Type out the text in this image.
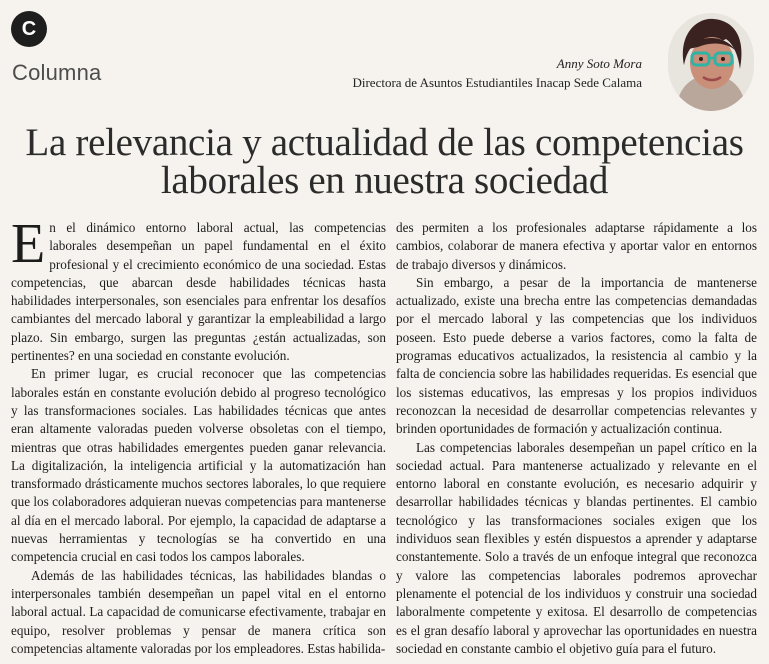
C
Columna	Anny Soto Mora
Directora de Asuntos Estudiantiles Inacap Sede Calama
La relevancia y actualidad de las competencias
laborales en nuestra sociedad

En el dinámico entorno laboral actual, las competencias laborales desempeñan un papel fundamental en el éxito profesional y el crecimiento económico de una sociedad. Estas competencias, que abarcan desde habilidades técnicas hasta habilidades interpersonales, son esenciales para enfrentar los desafíos cambiantes del mercado laboral y garantizar la empleabilidad a largo plazo. Sin embargo, surgen las preguntas ¿están actualizadas, son pertinentes? en una sociedad en constante evolución.

En primer lugar, es crucial reconocer que las competencias laborales están en constante evolución debido al progreso tecnológico y las transformaciones sociales. Las habilidades técnicas que antes eran altamente valoradas pueden volverse obsoletas con el tiempo, mientras que otras habilidades emergentes pueden ganar relevancia. La digitalización, la inteligencia artificial y la automatización han transformado drásticamente muchos sectores laborales, lo que requiere que los colaboradores adquieran nuevas competencias para mantenerse al día en el mercado laboral. Por ejemplo, la capacidad de adaptarse a nuevas herramientas y tecnologías se ha convertido en una competencia crucial en casi todos los campos laborales.

Además de las habilidades técnicas, las habilidades blandas o interpersonales también desempeñan un papel vital en el entorno laboral actual. La capacidad de comunicarse efectivamente, trabajar en equipo, resolver problemas y pensar de manera crítica son competencias altamente valoradas por los empleadores. Estas habilida-

des permiten a los profesionales adaptarse rápidamente a los cambios, colaborar de manera efectiva y aportar valor en entornos de trabajo diversos y dinámicos.

Sin embargo, a pesar de la importancia de mantenerse actualizado, existe una brecha entre las competencias demandadas por el mercado laboral y las competencias que los individuos poseen. Esto puede deberse a varios factores, como la falta de programas educativos actualizados, la resistencia al cambio y la falta de conciencia sobre las habilidades requeridas. Es esencial que los sistemas educativos, las empresas y los propios individuos reconozcan la necesidad de desarrollar competencias relevantes y brinden oportunidades de formación y actualización continua.

Las competencias laborales desempeñan un papel crítico en la sociedad actual. Para mantenerse actualizado y relevante en el entorno laboral en constante evolución, es necesario adquirir y desarrollar habilidades técnicas y blandas pertinentes. El cambio tecnológico y las transformaciones sociales exigen que los individuos sean flexibles y estén dispuestos a aprender y adaptarse constantemente. Solo a través de un enfoque integral que reconozca y valore las competencias laborales podremos aprovechar plenamente el potencial de los individuos y construir una sociedad laboralmente competente y exitosa. El desarrollo de competencias es el gran desafío laboral y aprovechar las oportunidades en nuestra sociedad en constante cambio el objetivo guía para el futuro.
